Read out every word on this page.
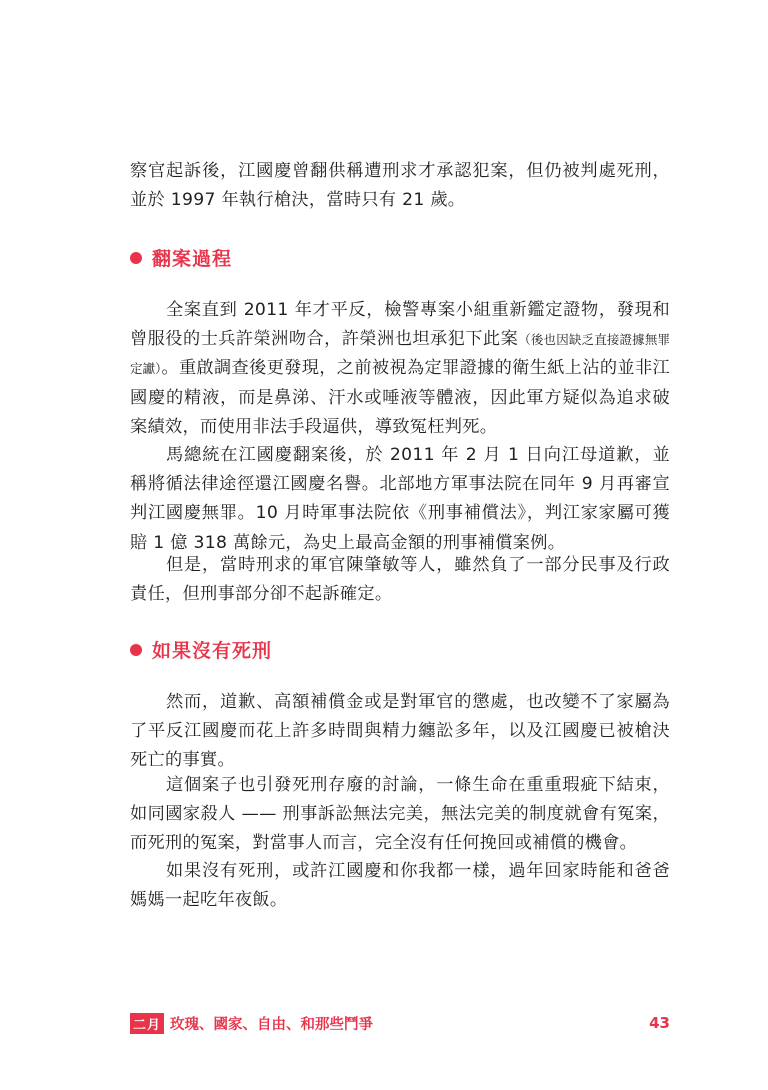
察官起訴後，江國慶曾翻供稱遭刑求才承認犯案，但仍被判處死刑，並於 1997 年執行槍決，當時只有 21 歲。

翻案過程

全案直到 2011 年才平反，檢警專案小組重新鑑定證物，發現和曾服役的士兵許榮洲吻合，許榮洲也坦承犯下此案（後也因缺乏直接證據無罪定讞）。重啟調查後更發現，之前被視為定罪證據的衛生紙上沾的並非江國慶的精液，而是鼻涕、汗水或唾液等體液，因此軍方疑似為追求破案績效，而使用非法手段逼供，導致冤枉判死。

馬總統在江國慶翻案後，於 2011 年 2 月 1 日向江母道歉，並稱將循法律途徑還江國慶名譽。北部地方軍事法院在同年 9 月再審宣判江國慶無罪。10 月時軍事法院依《刑事補償法》，判江家家屬可獲賠 1 億 318 萬餘元，為史上最高金額的刑事補償案例。

但是，當時刑求的軍官陳肇敏等人，雖然負了一部分民事及行政責任，但刑事部分卻不起訴確定。

如果沒有死刑

然而，道歉、高額補償金或是對軍官的懲處，也改變不了家屬為了平反江國慶而花上許多時間與精力纏訟多年，以及江國慶已被槍決死亡的事實。

這個案子也引發死刑存廢的討論，一條生命在重重瑕疵下結束，如同國家殺人 —— 刑事訴訟無法完美，無法完美的制度就會有冤案，而死刑的冤案，對當事人而言，完全沒有任何挽回或補償的機會。

如果沒有死刑，或許江國慶和你我都一樣，過年回家時能和爸爸媽媽一起吃年夜飯。

二月 玫瑰、國家、自由、和那些鬥爭	43
